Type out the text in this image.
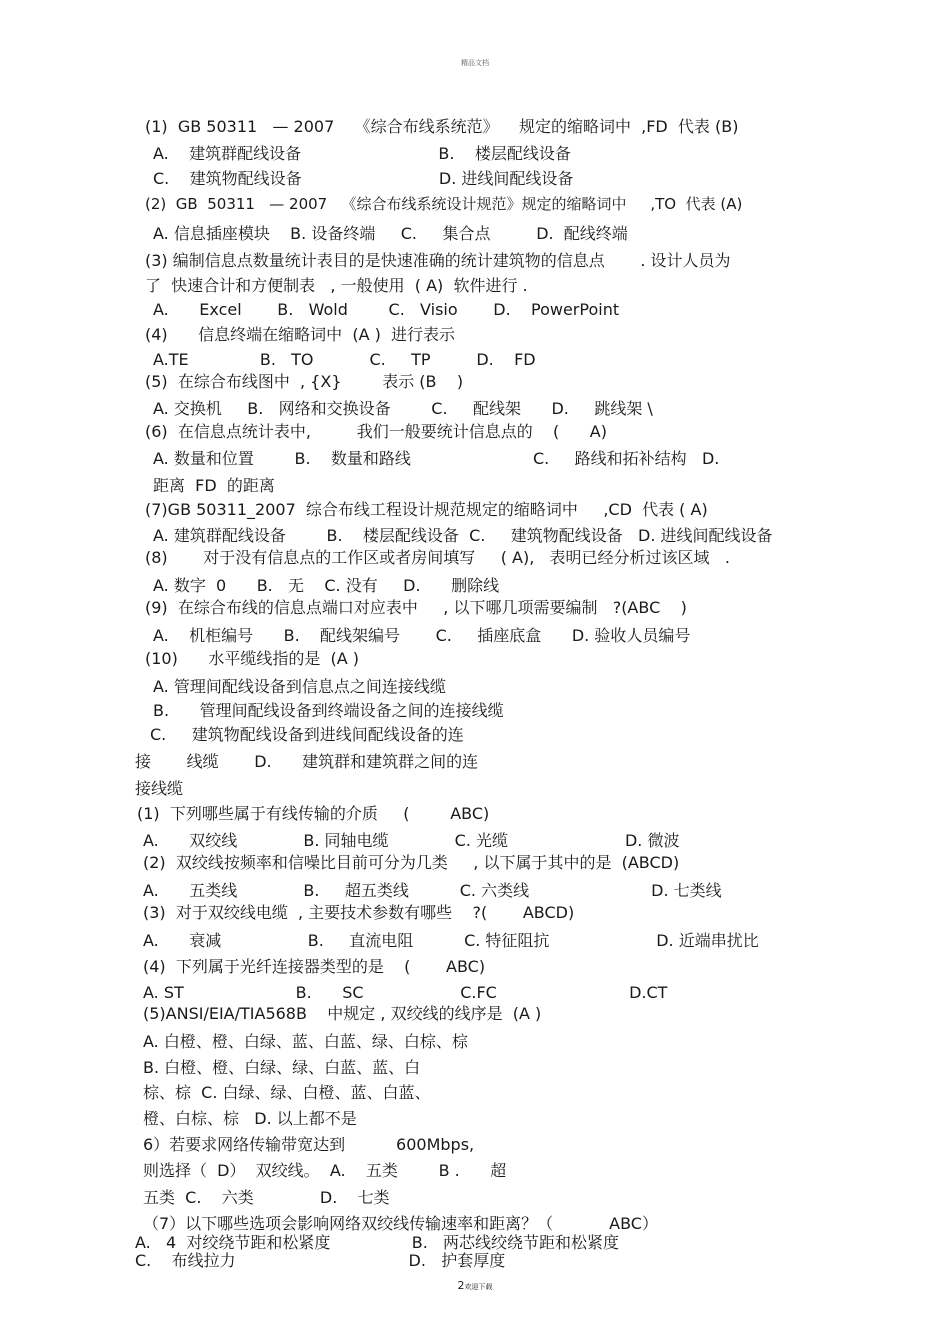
精品文档
(1)  GB 50311   — 2007    《综合布线系统范》    规定的缩略词中  ,FD  代表 (B)
A.    建筑群配线设备                           B.    楼层配线设备
C.    建筑物配线设备                           D. 进线间配线设备
(2)  GB  50311   — 2007   《综合布线系统设计规范》规定的缩略词中     ,TO  代表 (A)
A. 信息插座模块    B. 设备终端     C.     集合点         D.  配线终端
(3) 编制信息点数量统计表目的是快速准确的统计建筑物的信息点       . 设计人员为
了  快速合计和方便制表   , 一般使用  ( A)  软件进行 .
A.      Excel       B.   Wold        C.   Visio       D.    PowerPoint
(4)      信息终端在缩略词中  (A )  进行表示
A.TE              B.   TO           C.     TP         D.    FD
(5)  在综合布线图中  , {X}        表示 (B    )
A. 交换机     B.   网络和交换设备        C.     配线架      D.     跳线架 \
(6)  在信息点统计表中,         我们一般要统计信息点的    (      A)
A. 数量和位置        B.    数量和路线                        C.     路线和拓补结构   D.
距离  FD  的距离
(7)GB 50311_2007  综合布线工程设计规范规定的缩略词中     ,CD  代表 ( A)
A. 建筑群配线设备        B.    楼层配线设备  C.     建筑物配线设备   D. 进线间配线设备
(8)       对于没有信息点的工作区或者房间填写     ( A),   表明已经分析过该区域   .
A. 数字  0      B.   无    C. 没有     D.      删除线
(9)  在综合布线的信息点端口对应表中     , 以下哪几项需要编制   ?(ABC    )
A.    机柜编号      B.    配线架编号       C.     插座底盒      D. 验收人员编号
(10)      水平缆线指的是  (A )
A. 管理间配线设备到信息点之间连接线缆
B.      管理间配线设备到终端设备之间的连接线缆
C.     建筑物配线设备到进线间配线设备的连
接       线缆       D.      建筑群和建筑群之间的连
接线缆
(1)  下列哪些属于有线传输的介质     (        ABC)
A.      双绞线             B. 同轴电缆             C. 光缆                       D. 微波
(2)  双绞线按频率和信噪比目前可分为几类     , 以下属于其中的是  (ABCD)
A.      五类线             B.     超五类线          C. 六类线                        D. 七类线
(3)  对于双绞线电缆  , 主要技术参数有哪些    ?(       ABCD)
A.      衰减                 B.     直流电阻          C. 特征阻抗                     D. 近端串扰比
(4)  下列属于光纤连接器类型的是    (       ABC)
A. ST                      B.      SC                   C.FC                          D.CT
(5)ANSI/EIA/TIA568B    中规定 , 双绞线的线序是  (A )
A. 白橙、橙、白绿、蓝、白蓝、绿、白棕、棕
B. 白橙、橙、白绿、绿、白蓝、蓝、白
棕、棕  C. 白绿、绿、白橙、蓝、白蓝、
橙、白棕、棕   D. 以上都不是
6）若要求网络传输带宽达到          600Mbps,
则选择（  D）  双绞线。  A.    五类        B .      超
五类  C.    六类             D.    七类
（7）以下哪些选项会影响网络双绞线传输速率和距离？（           ABC）
A.   4  对绞绕节距和松紧度                B.   两芯线绞绕节距和松紧度
C.    布线拉力                                  D.   护套厚度
2欢迎下载
